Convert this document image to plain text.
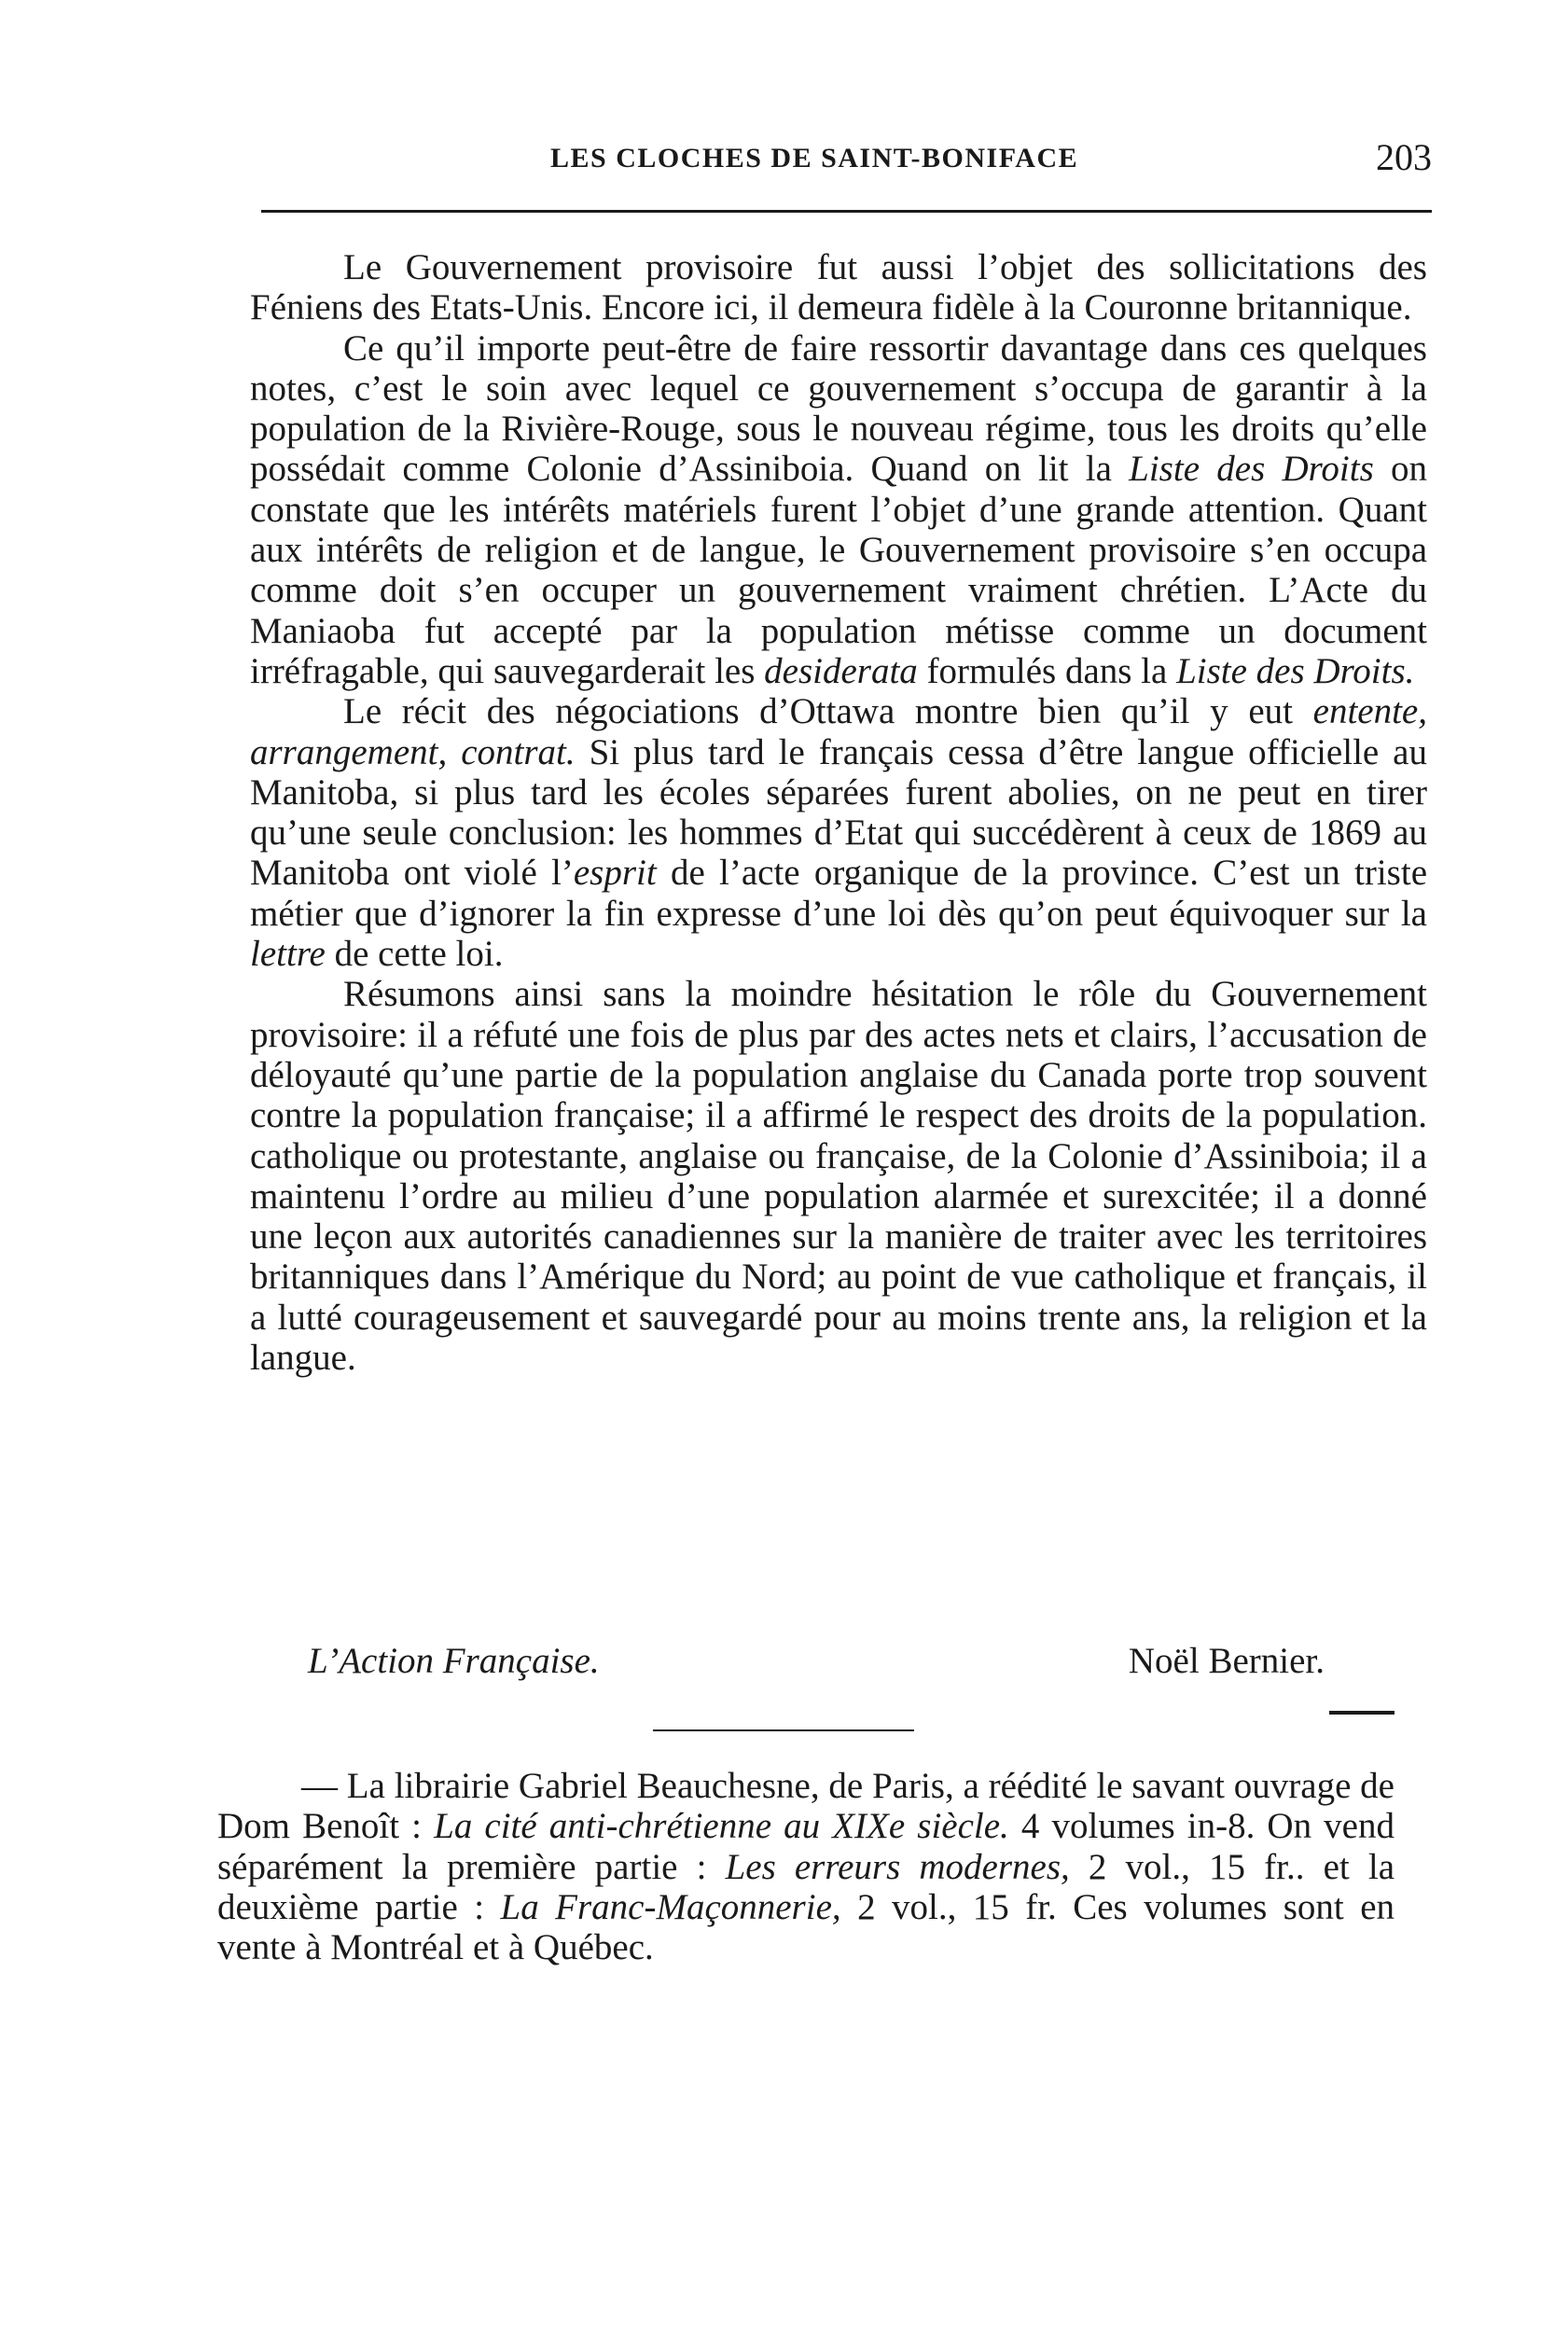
LES CLOCHES DE SAINT-BONIFACE	203

Le Gouvernement provisoire fut aussi l’objet des sollicitations des Féniens des Etats-Unis. Encore ici, il demeura fidèle à la Couronne britannique.

Ce qu’il importe peut-être de faire ressortir davantage dans ces quelques notes, c’est le soin avec lequel ce gouvernement s’occupa de garantir à la population de la Rivière-Rouge, sous le nouveau régime, tous les droits qu’elle possédait comme Colonie d’Assiniboia. Quand on lit la Liste des Droits on constate que les intérêts matériels furent l’objet d’une grande attention. Quant aux intérêts de religion et de langue, le Gouvernement provisoire s’en occupa comme doit s’en occuper un gouvernement vraiment chrétien. L’Acte du Maniaoba fut accepté par la population métisse comme un document irréfragable, qui sauvegarderait les desiderata formulés dans la Liste des Droits.

Le récit des négociations d’Ottawa montre bien qu’il y eut entente, arrangement, contrat. Si plus tard le français cessa d’être langue officielle au Manitoba, si plus tard les écoles séparées furent abolies, on ne peut en tirer qu’une seule conclusion: les hommes d’Etat qui succédèrent à ceux de 1869 au Manitoba ont violé l’esprit de l’acte organique de la province. C’est un triste métier que d’ignorer la fin expresse d’une loi dès qu’on peut équivoquer sur la lettre de cette loi.

Résumons ainsi sans la moindre hésitation le rôle du Gouvernement provisoire: il a réfuté une fois de plus par des actes nets et clairs, l’accusation de déloyauté qu’une partie de la population anglaise du Canada porte trop souvent contre la population française; il a affirmé le respect des droits de la population. catholique ou protestante, anglaise ou française, de la Colonie d’Assiniboia; il a maintenu l’ordre au milieu d’une population alarmée et surexcitée; il a donné une leçon aux autorités canadiennes sur la manière de traiter avec les territoires britanniques dans l’Amérique du Nord; au point de vue catholique et français, il a lutté courageusement et sauvegardé pour au moins trente ans, la religion et la langue.

L’Action Française.	Noël Bernier.

— La librairie Gabriel Beauchesne, de Paris, a réédité le savant ouvrage de Dom Benoît : La cité anti-chrétienne au XIXe siècle. 4 volumes in-8. On vend séparément la première partie : Les erreurs modernes, 2 vol., 15 fr.. et la deuxième partie : La Franc-Maçonnerie, 2 vol., 15 fr. Ces volumes sont en vente à Montréal et à Québec.
